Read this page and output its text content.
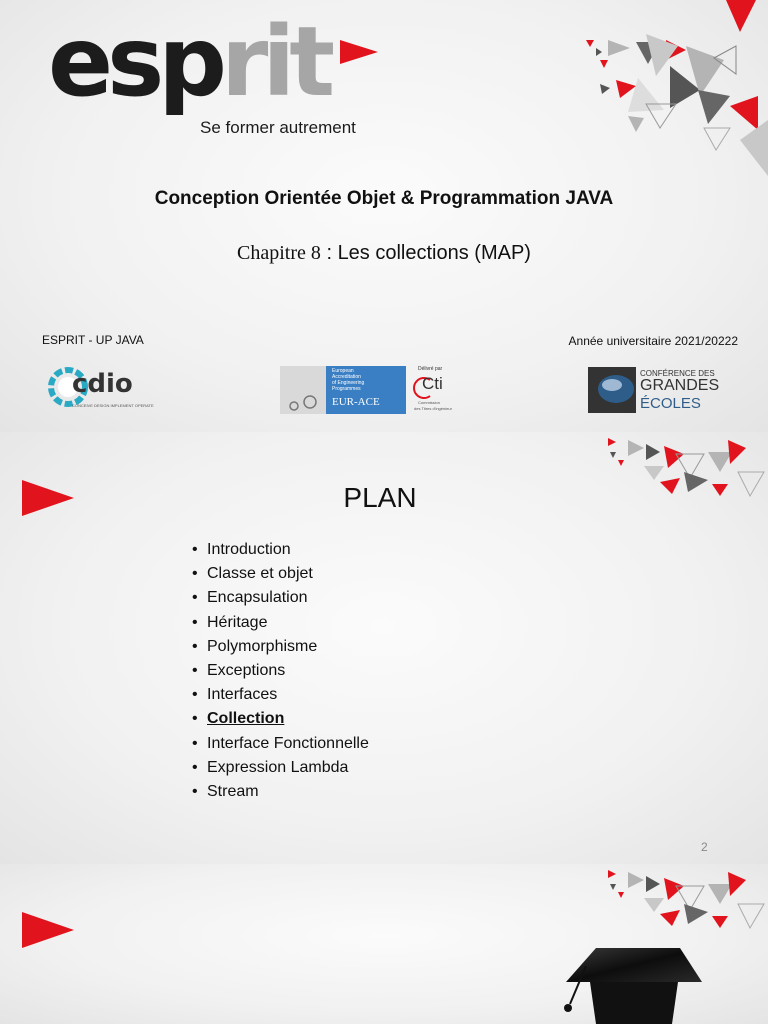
esprit
Se former autrement
Conception Orientée Objet & Programmation JAVA
Chapitre 8 : Les collections (MAP)
ESPRIT - UP JAVA	Année universitaire 2021/20222
cdio
CONCEIVE DESIGN IMPLEMENT OPERATE
European
Accreditation
of Engineering
Programmes
EUR-ACE
Délivré par
Cti
Commission
des Titres d'ingénieur
CONFÉRENCE DES
GRANDES
ÉCOLES
PLAN
• Introduction
• Classe et objet
• Encapsulation
• Héritage
• Polymorphisme
• Exceptions
• Interfaces
• Collection
• Interface Fonctionnelle
• Expression Lambda
• Stream
2
